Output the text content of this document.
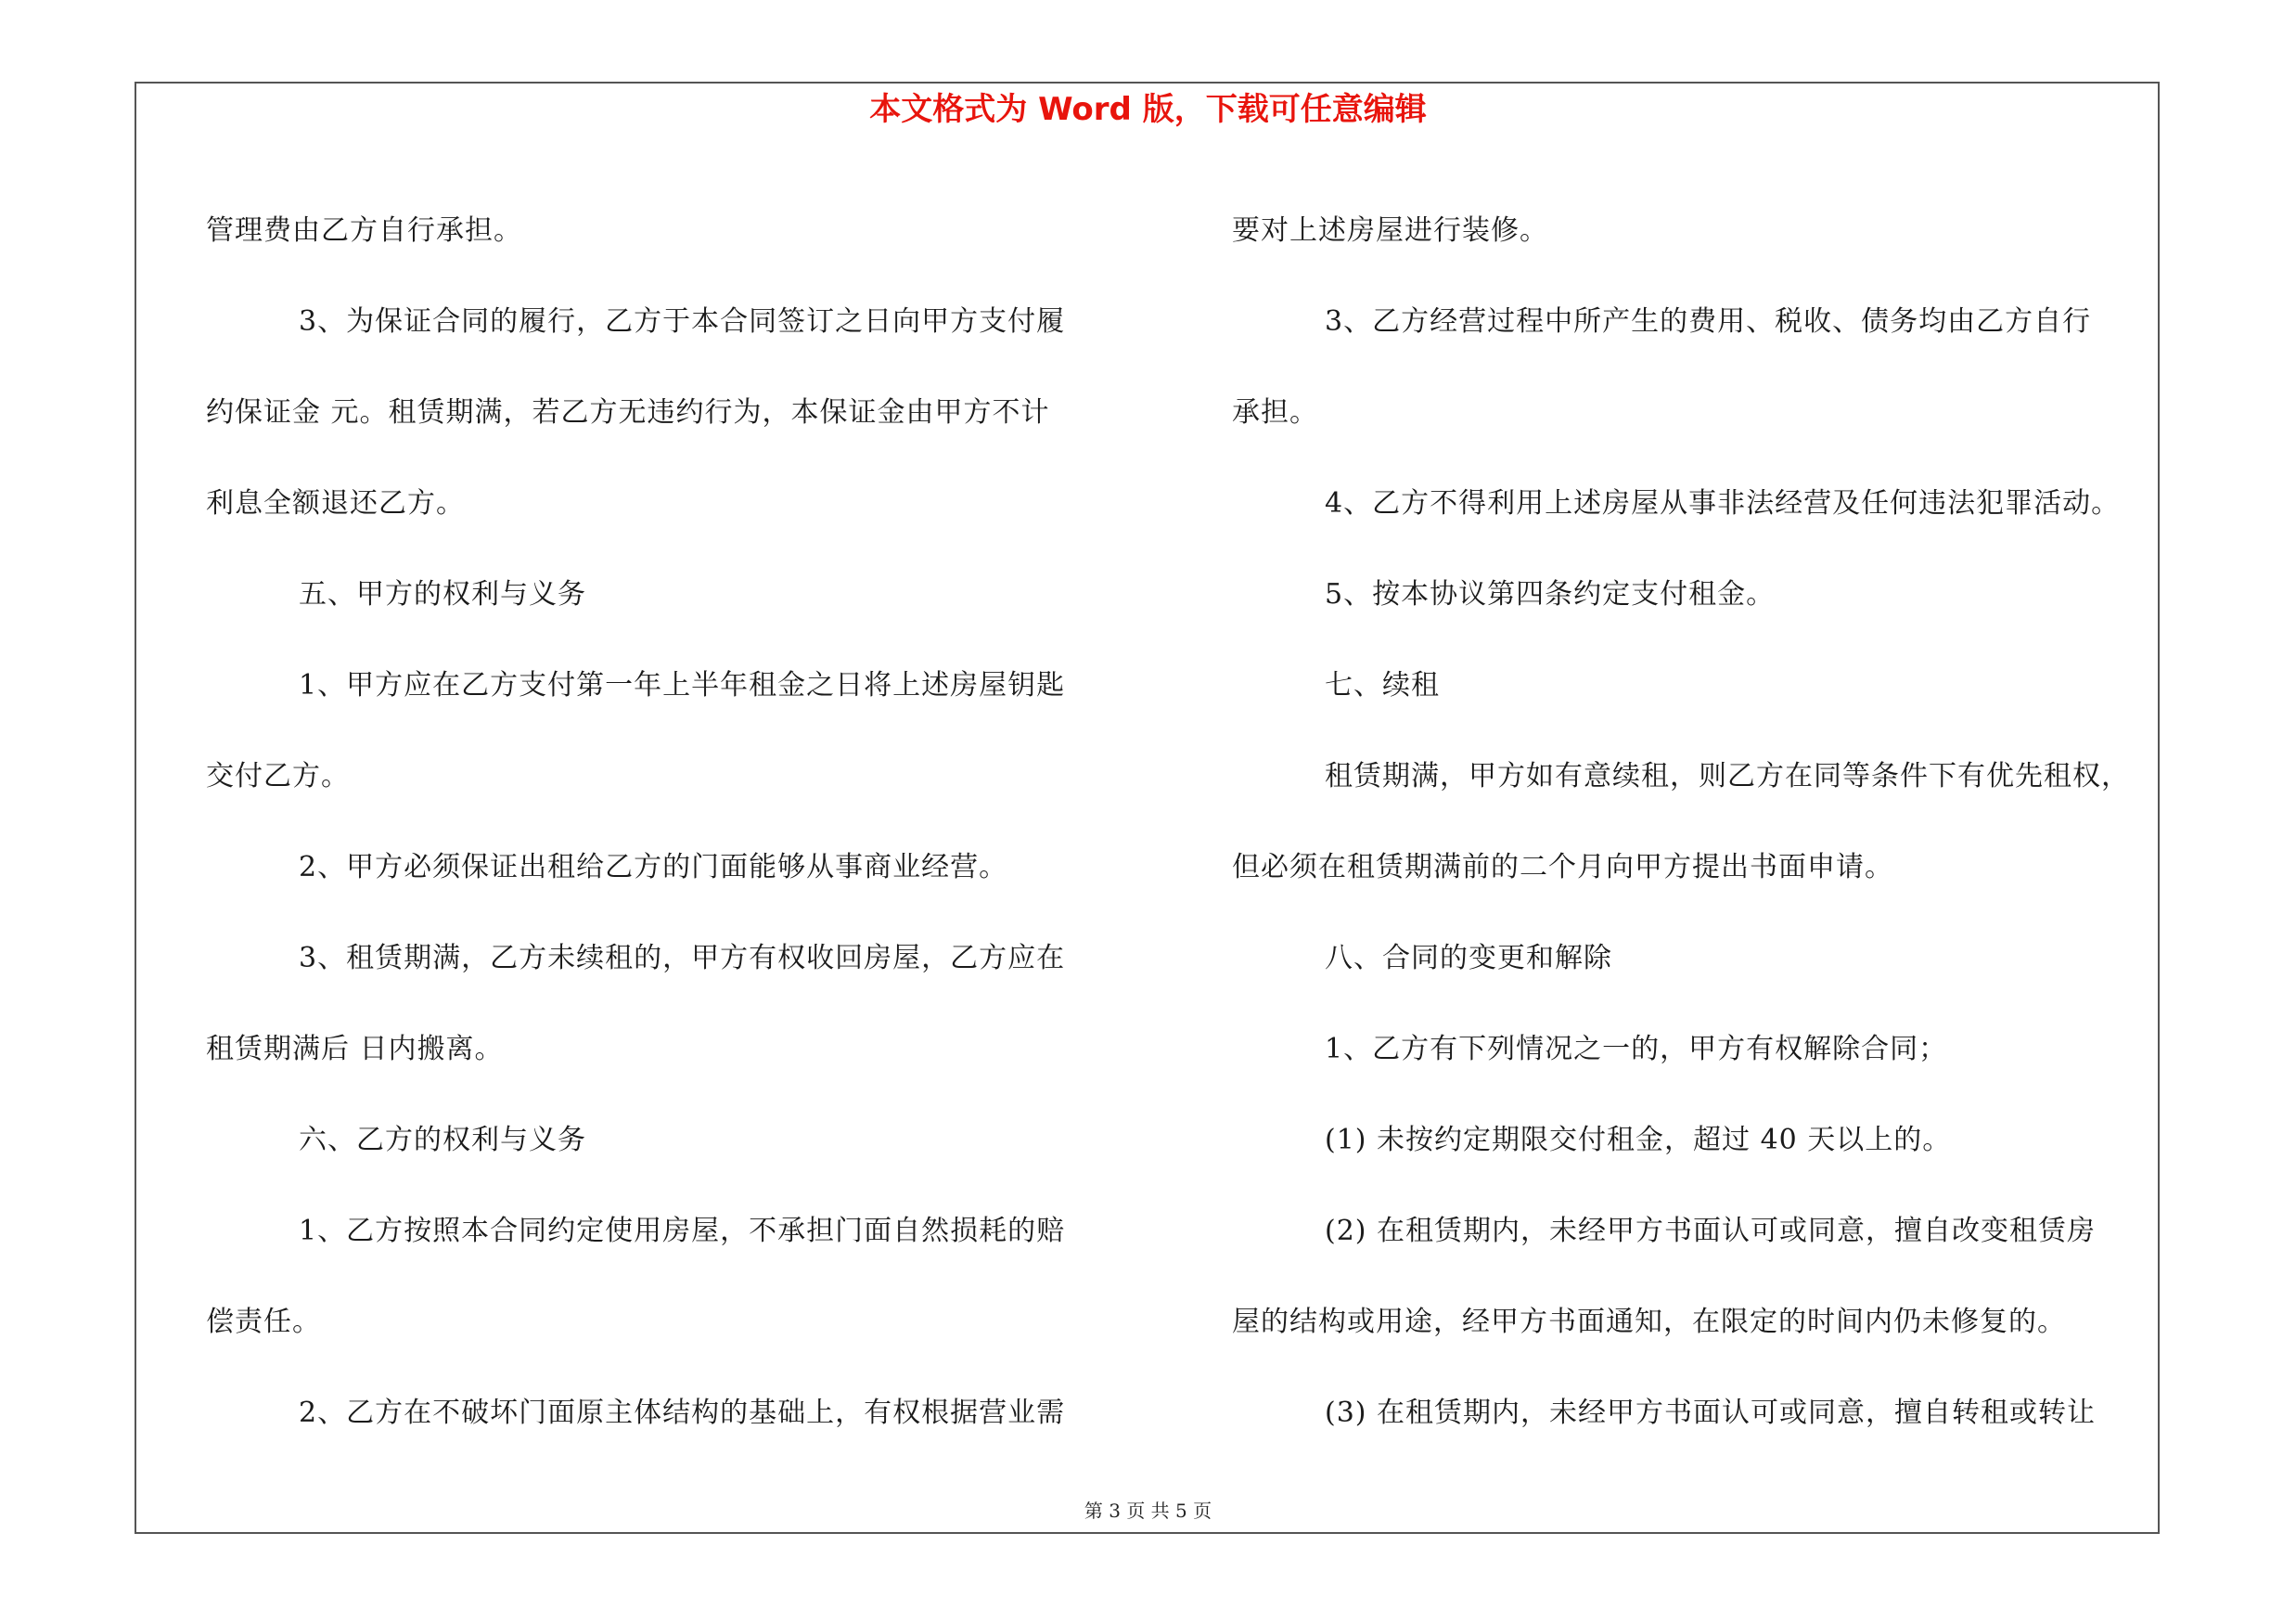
本文格式为 Word 版，下载可任意编辑

管理费由乙方自行承担。

3、为保证合同的履行，乙方于本合同签订之日向甲方支付履

约保证金 元。租赁期满，若乙方无违约行为，本保证金由甲方不计

利息全额退还乙方。

五、甲方的权利与义务

1、甲方应在乙方支付第一年上半年租金之日将上述房屋钥匙

交付乙方。

2、甲方必须保证出租给乙方的门面能够从事商业经营。

3、租赁期满，乙方未续租的，甲方有权收回房屋，乙方应在

租赁期满后 日内搬离。

六、乙方的权利与义务

1、乙方按照本合同约定使用房屋，不承担门面自然损耗的赔

偿责任。

2、乙方在不破坏门面原主体结构的基础上，有权根据营业需

要对上述房屋进行装修。

3、乙方经营过程中所产生的费用、税收、债务均由乙方自行

承担。

4、乙方不得利用上述房屋从事非法经营及任何违法犯罪活动。

5、按本协议第四条约定支付租金。

七、续租

租赁期满，甲方如有意续租，则乙方在同等条件下有优先租权，

但必须在租赁期满前的二个月向甲方提出书面申请。

八、合同的变更和解除

1、乙方有下列情况之一的，甲方有权解除合同；

(1) 未按约定期限交付租金，超过 40 天以上的。

(2) 在租赁期内，未经甲方书面认可或同意，擅自改变租赁房

屋的结构或用途，经甲方书面通知，在限定的时间内仍未修复的。

(3) 在租赁期内，未经甲方书面认可或同意，擅自转租或转让

第 3 页 共 5 页
